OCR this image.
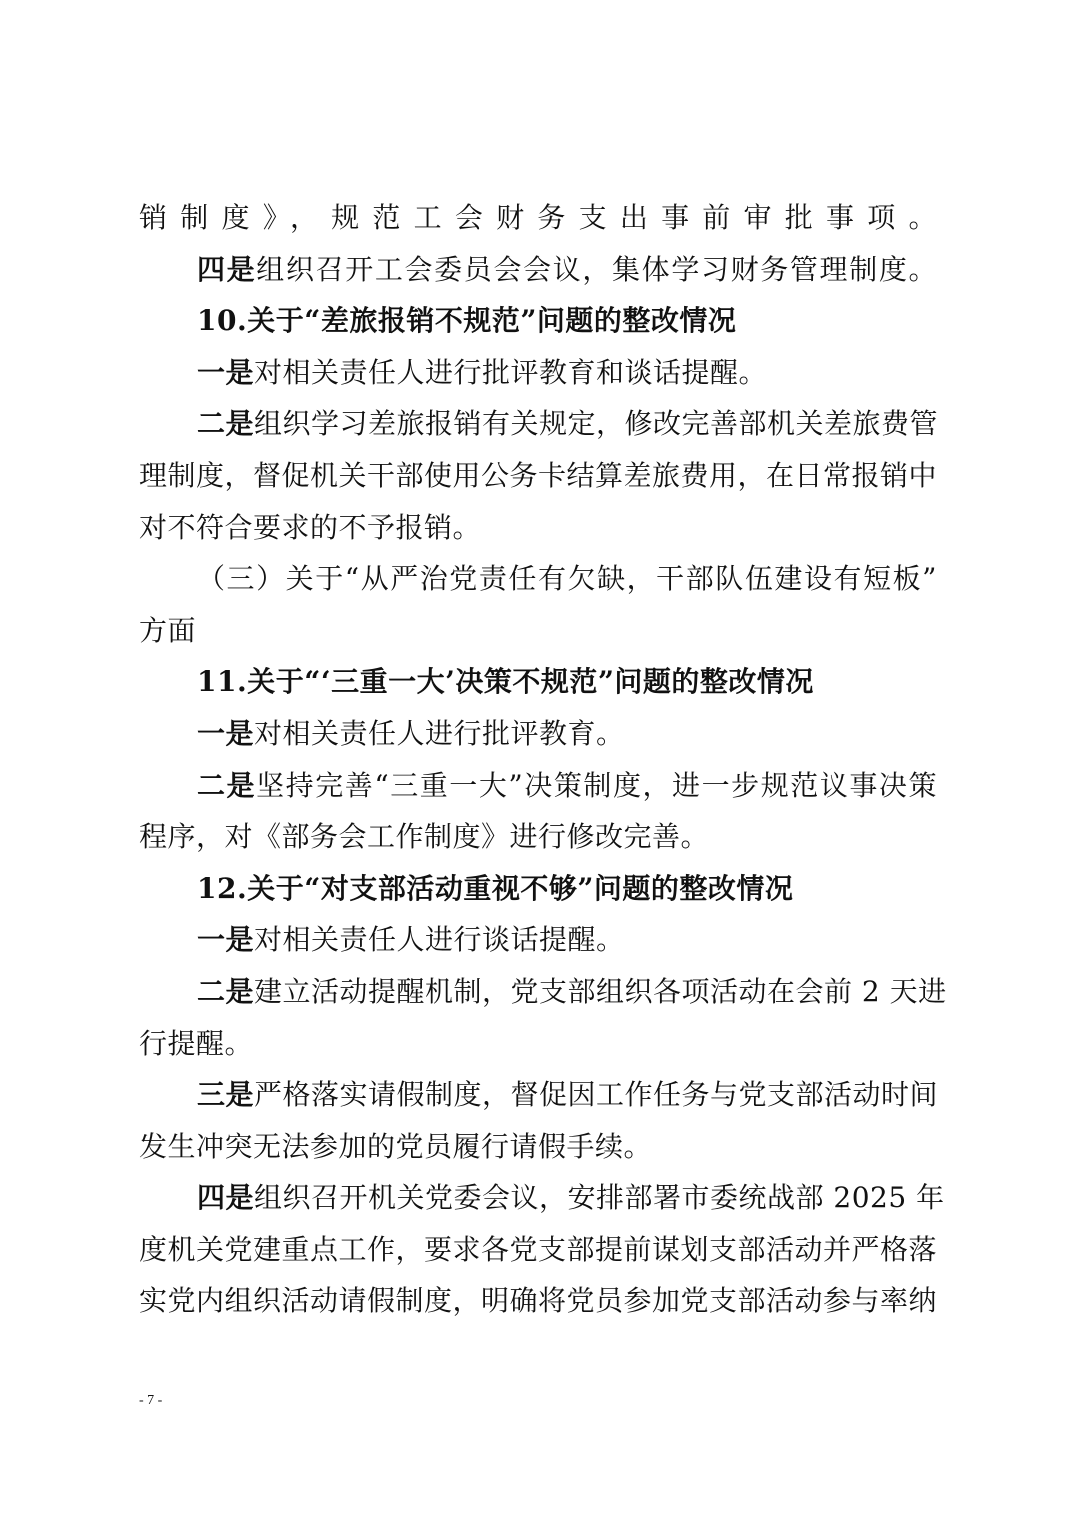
销制度》，规范工会财务支出事前审批事项。
四是组织召开工会委员会会议，集体学习财务管理制度。
10.关于“差旅报销不规范”问题的整改情况
一是对相关责任人进行批评教育和谈话提醒。
二是组织学习差旅报销有关规定，修改完善部机关差旅费管
理制度，督促机关干部使用公务卡结算差旅费用，在日常报销中
对不符合要求的不予报销。
（三）关于“从严治党责任有欠缺，干部队伍建设有短板”
方面
11.关于“‘三重一大’决策不规范”问题的整改情况
一是对相关责任人进行批评教育。
二是坚持完善“三重一大”决策制度，进一步规范议事决策
程序，对《部务会工作制度》进行修改完善。
12.关于“对支部活动重视不够”问题的整改情况
一是对相关责任人进行谈话提醒。
二是建立活动提醒机制，党支部组织各项活动在会前 2 天进
行提醒。
三是严格落实请假制度，督促因工作任务与党支部活动时间
发生冲突无法参加的党员履行请假手续。
四是组织召开机关党委会议，安排部署市委统战部 2025 年
度机关党建重点工作，要求各党支部提前谋划支部活动并严格落
实党内组织活动请假制度，明确将党员参加党支部活动参与率纳
- 7 -
